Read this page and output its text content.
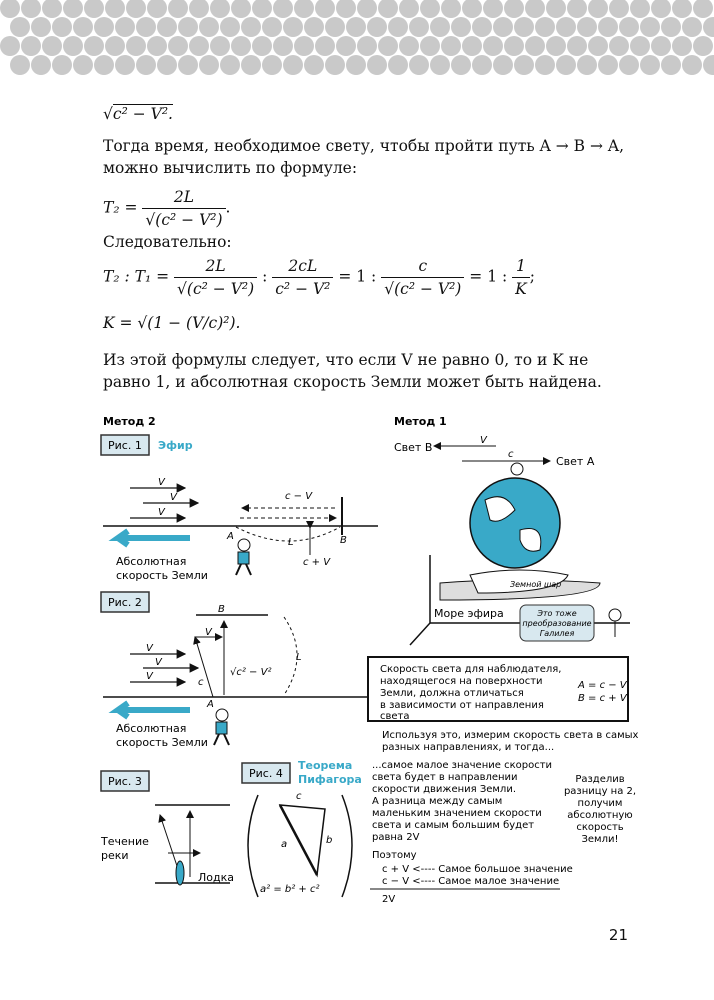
√c² − V².
Тогда время, необходимое свету, чтобы пройти путь A → B → A, можно вычислить по формуле:
$T_2 = \frac{2L}{\text{√(c² − V²)}}$ .
Следовательно:
T₂ : $T_1 = \frac{2L}{\text{√(c² − V²)}}$ : $\frac{2cL}{\text{c² − V²}} = 1$ : $\frac{c}{\text{√(c² − V²)}} = 1$ : $\frac{1}{K}$ ;
K = √(1 − (V/c)²).
Из этой формулы следует, что если V не равно 0, то и K не равно 1, и абсолютная скорость Земли может быть найдена.
Метод 2	Метод 1
Рис. 1 Эфир
V
V
V
c − V
L
c + V
A	B
Абсолютная
скорость Земли
Рис. 2
B
V
V
V
c
V
√c² − V²
L
A
Абсолютная
скорость Земли
Рис. 3
Течение
реки
Лодка
Рис. 4
Теорема
Пифагора
c
a	b
a² = b² + c²
Свет B
V
c
Свет A
Земной шар
Море эфира	Это тоже
преобразование
Галилея
Скорость света для наблюдателя,
находящегося на поверхности
Земли, должна отличаться
в зависимости от направления
света
A = c − V
B = c + V
Используя это, измерим скорость света в самых
разных направлениях, и тогда...
...самое малое значение скорости
света будет в направлении
скорости движения Земли.
А разница между самым
маленьким значением скорости
света и самым большим будет
равна 2V
Разделив
разницу на 2,
получим
абсолютную
скорость
Земли!
Поэтому
c + V <---- Самое большое значение
c − V <---- Самое малое значение
2V
21
